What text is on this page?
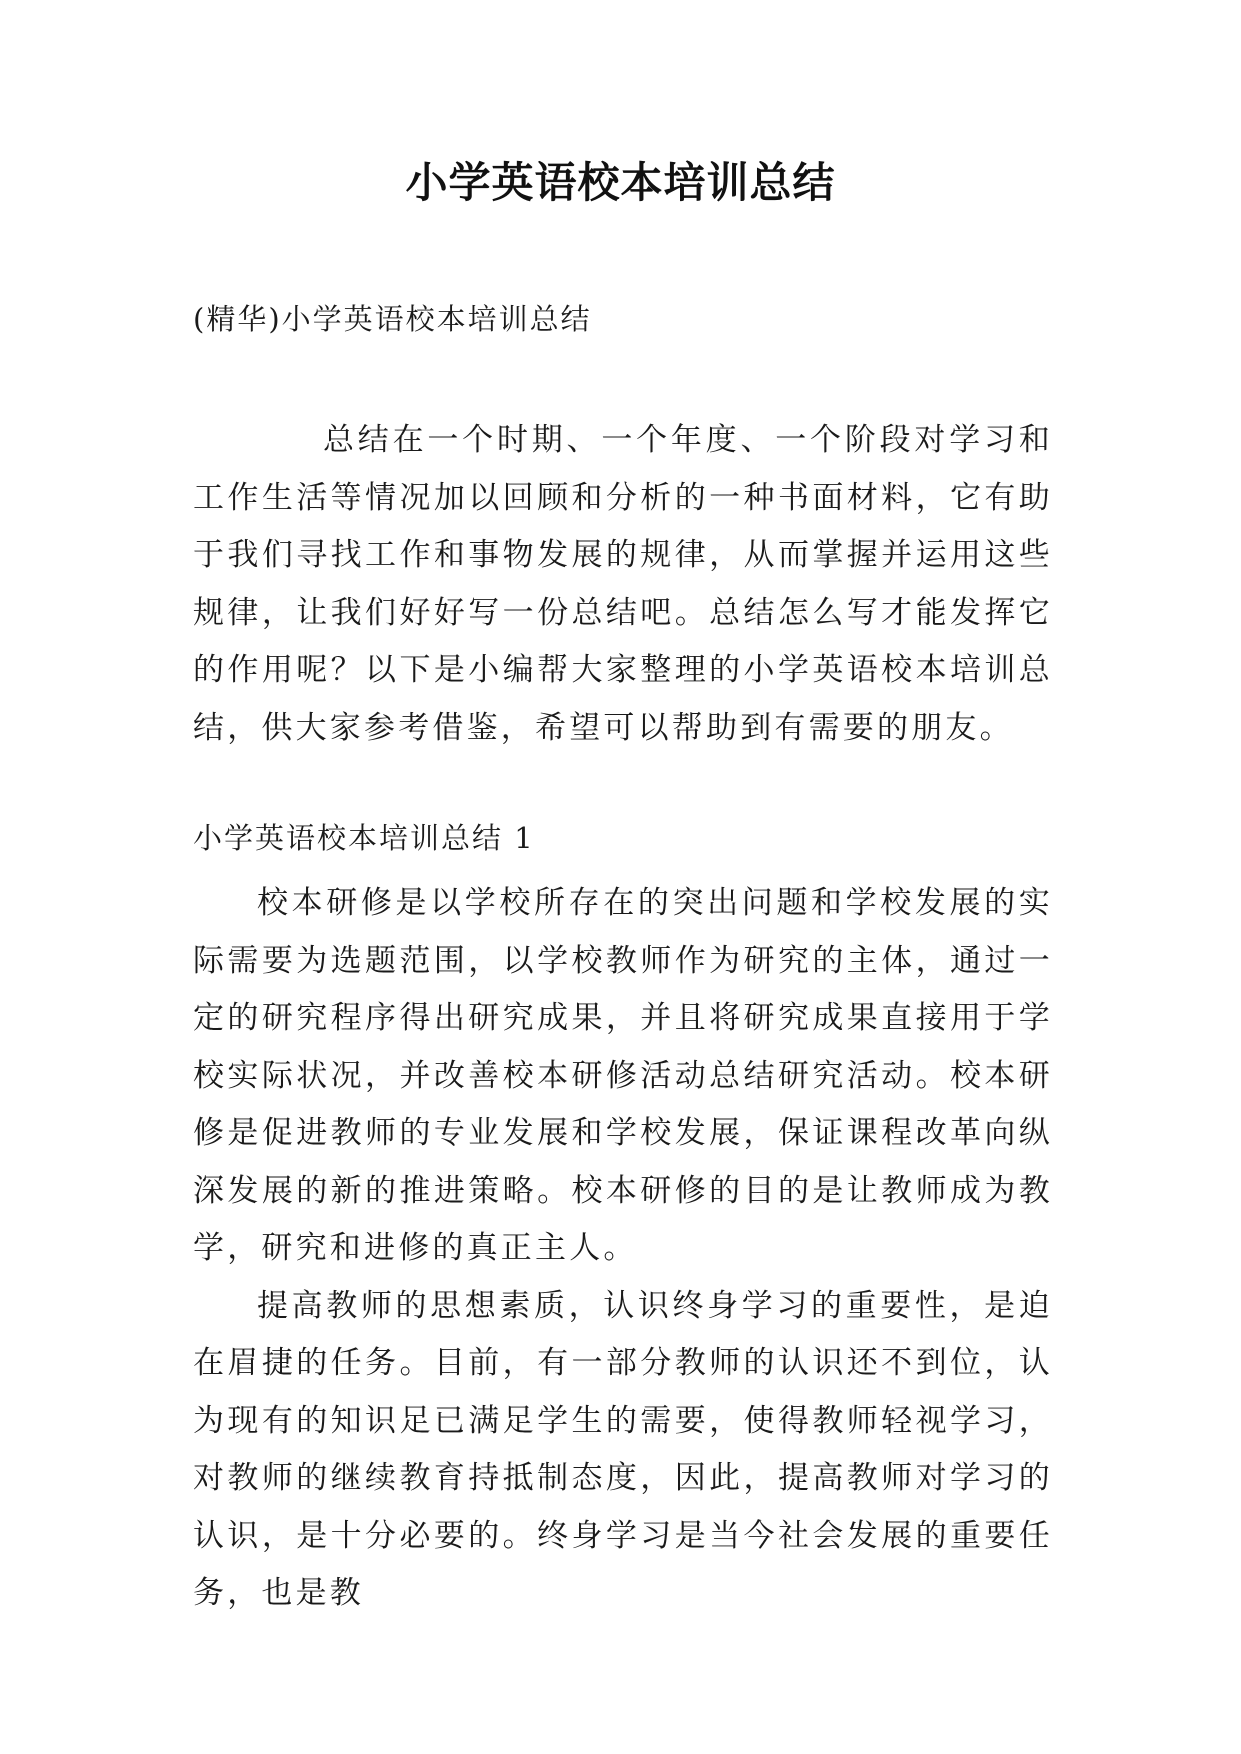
小学英语校本培训总结
(精华)小学英语校本培训总结

总结在一个时期、一个年度、一个阶段对学习和工作生活等情况加以回顾和分析的一种书面材料，它有助于我们寻找工作和事物发展的规律，从而掌握并运用这些规律，让我们好好写一份总结吧。总结怎么写才能发挥它的作用呢？以下是小编帮大家整理的小学英语校本培训总结，供大家参考借鉴，希望可以帮助到有需要的朋友。

小学英语校本培训总结 1

校本研修是以学校所存在的突出问题和学校发展的实际需要为选题范围，以学校教师作为研究的主体，通过一定的研究程序得出研究成果，并且将研究成果直接用于学校实际状况，并改善校本研修活动总结研究活动。校本研修是促进教师的专业发展和学校发展，保证课程改革向纵深发展的新的推进策略。校本研修的目的是让教师成为教学，研究和进修的真正主人。

提高教师的思想素质，认识终身学习的重要性，是迫在眉捷的任务。目前，有一部分教师的认识还不到位，认为现有的知识足已满足学生的需要，使得教师轻视学习，对教师的继续教育持抵制态度，因此，提高教师对学习的认识，是十分必要的。终身学习是当今社会发展的重要任务，也是教
